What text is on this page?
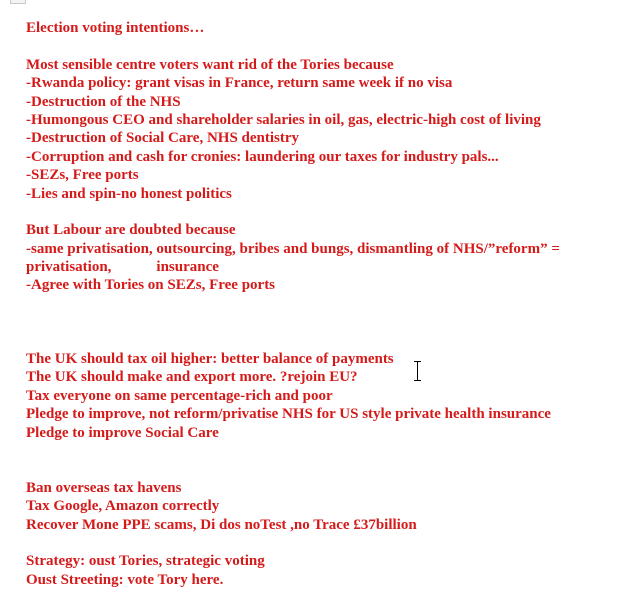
Election voting intentions…
Most sensible centre voters want rid of the Tories because
-Rwanda policy: grant visas in France, return same week if no visa
-Destruction of the NHS
-Humongous CEO and shareholder salaries in oil, gas, electric-high cost of living
-Destruction of Social Care, NHS dentistry
-Corruption and cash for cronies: laundering our taxes for industry pals...
-SEZs, Free ports
-Lies and spin-no honest politics
But Labour are doubted because
-same privatisation, outsourcing, bribes and bungs, dismantling of NHS/”reform” =
privatisation,            insurance
-Agree with Tories on SEZs, Free ports
The UK should tax oil higher: better balance of payments
The UK should make and export more. ?rejoin EU?
Tax everyone on same percentage-rich and poor
Pledge to improve, not reform/privatise NHS for US style private health insurance
Pledge to improve Social Care
Ban overseas tax havens
Tax Google, Amazon correctly
Recover Mone PPE scams, Di dos noTest ,no Trace £37billion
Strategy: oust Tories, strategic voting
Oust Streeting: vote Tory here.
